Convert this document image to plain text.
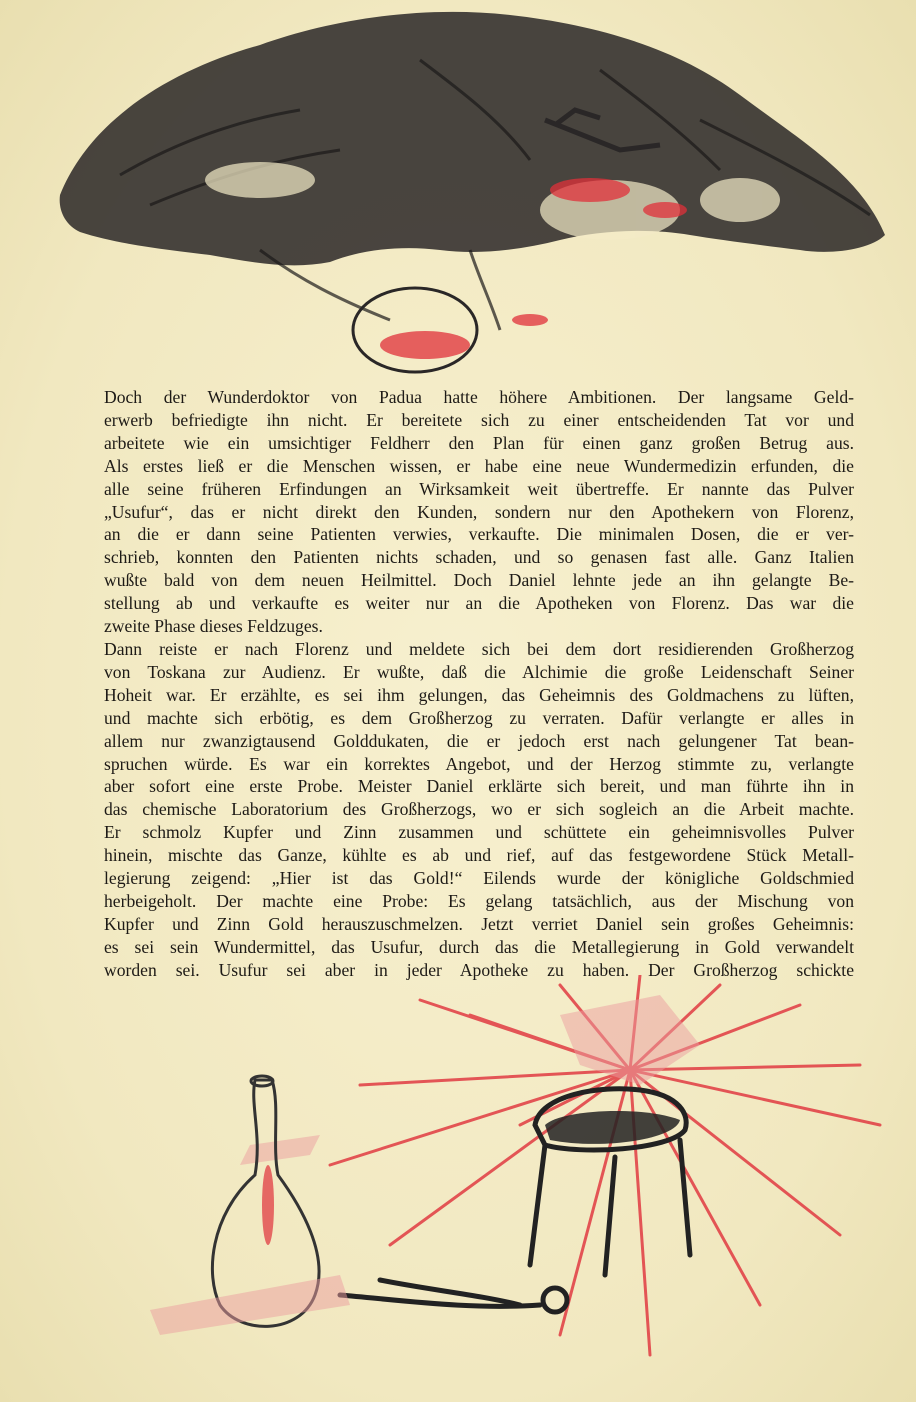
Doch der Wunderdoktor von Padua hatte höhere Ambitionen. Der langsame Geld-

erwerb befriedigte ihn nicht. Er bereitete sich zu einer entscheidenden Tat vor und

arbeitete wie ein umsichtiger Feldherr den Plan für einen ganz großen Betrug aus.

Als erstes ließ er die Menschen wissen, er habe eine neue Wundermedizin erfunden, die

alle seine früheren Erfindungen an Wirksamkeit weit übertreffe. Er nannte das Pulver

„Usufur“, das er nicht direkt den Kunden, sondern nur den Apothekern von Florenz,

an die er dann seine Patienten verwies, verkaufte. Die minimalen Dosen, die er ver-

schrieb, konnten den Patienten nichts schaden, und so genasen fast alle. Ganz Italien

wußte bald von dem neuen Heilmittel. Doch Daniel lehnte jede an ihn gelangte Be-

stellung ab und verkaufte es weiter nur an die Apotheken von Florenz. Das war die

zweite Phase dieses Feldzuges.

Dann reiste er nach Florenz und meldete sich bei dem dort residierenden Großherzog

von Toskana zur Audienz. Er wußte, daß die Alchimie die große Leidenschaft Seiner

Hoheit war. Er erzählte, es sei ihm gelungen, das Geheimnis des Goldmachens zu lüften,

und machte sich erbötig, es dem Großherzog zu verraten. Dafür verlangte er alles in

allem nur zwanzigtausend Golddukaten, die er jedoch erst nach gelungener Tat bean-

spruchen würde. Es war ein korrektes Angebot, und der Herzog stimmte zu, verlangte

aber sofort eine erste Probe. Meister Daniel erklärte sich bereit, und man führte ihn in

das chemische Laboratorium des Großherzogs, wo er sich sogleich an die Arbeit machte.

Er schmolz Kupfer und Zinn zusammen und schüttete ein geheimnisvolles Pulver

hinein, mischte das Ganze, kühlte es ab und rief, auf das festgewordene Stück Metall-

legierung zeigend: „Hier ist das Gold!“ Eilends wurde der königliche Goldschmied

herbeigeholt. Der machte eine Probe: Es gelang tatsächlich, aus der Mischung von

Kupfer und Zinn Gold herauszuschmelzen. Jetzt verriet Daniel sein großes Geheimnis:

es sei sein Wundermittel, das Usufur, durch das die Metallegierung in Gold verwandelt

worden sei. Usufur sei aber in jeder Apotheke zu haben. Der Großherzog schickte
